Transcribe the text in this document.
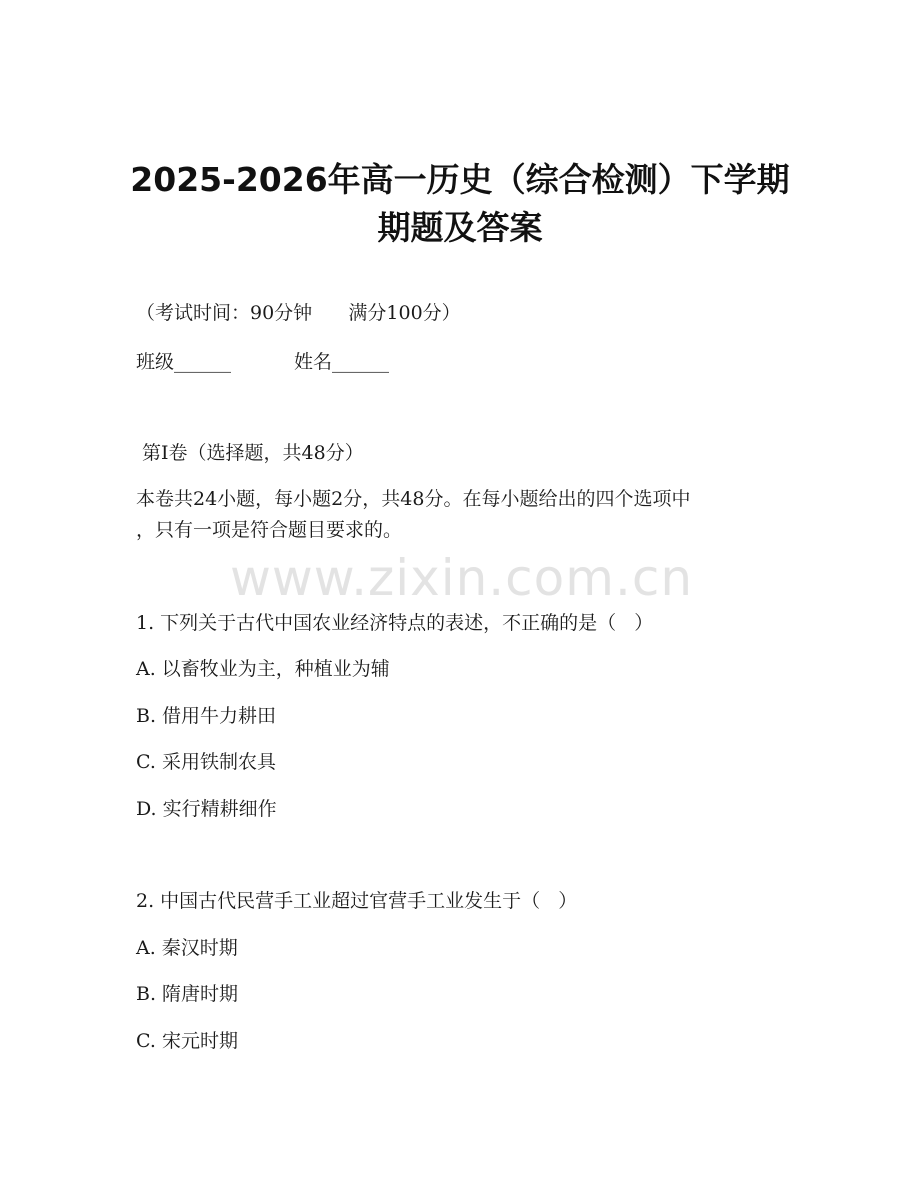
2025-2026年高一历史（综合检测）下学期
期题及答案
（考试时间：90分钟      满分100分）
班级______	姓名______
第Ⅰ卷（选择题，共48分）
本卷共24小题，每小题2分，共48分。在每小题给出的四个选项中
，只有一项是符合题目要求的。
www.zixin.com.cn
1. 下列关于古代中国农业经济特点的表述，不正确的是（   ）
A. 以畜牧业为主，种植业为辅
B. 借用牛力耕田
C. 采用铁制农具
D. 实行精耕细作
2. 中国古代民营手工业超过官营手工业发生于（   ）
A. 秦汉时期
B. 隋唐时期
C. 宋元时期
